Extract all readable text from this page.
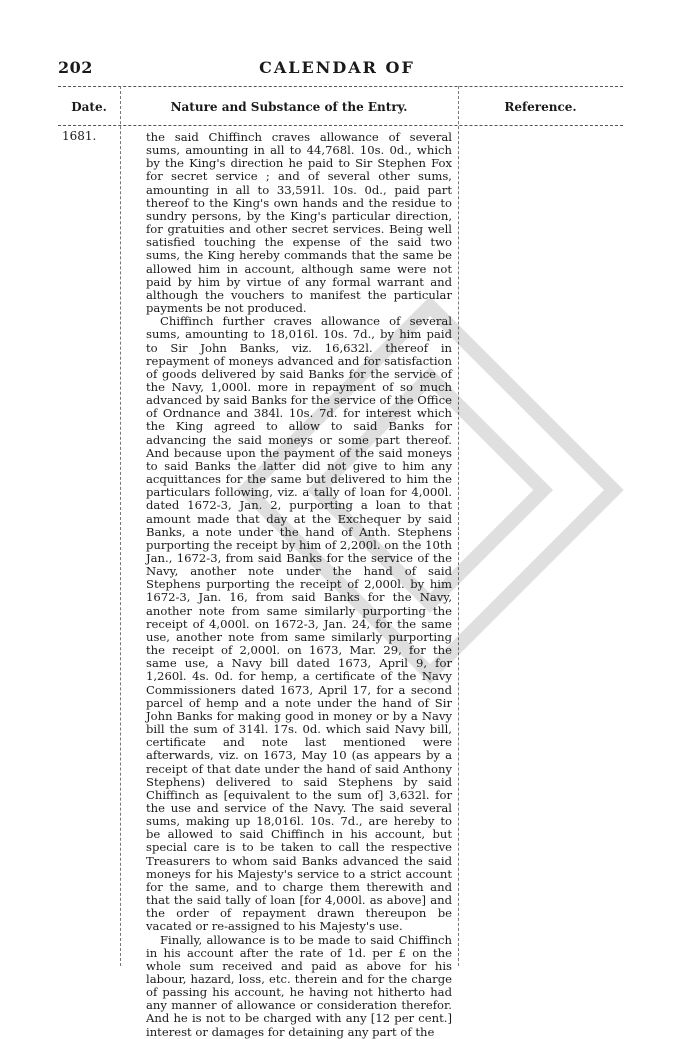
202	CALENDAR OF
Date.	Nature and Substance of the Entry.	Reference.
1681.	the said Chiffinch craves allowance of several sums, amounting in all to 44,768l. 10s. 0d., which by the King's direction he paid to Sir Stephen Fox for secret service ; and of several other sums, amounting in all to 33,591l. 10s. 0d., paid part thereof to the King's own hands and the residue to sundry persons, by the King's particular direction, for gratuities and other secret services. Being well satisfied touching the expense of the said two sums, the King hereby commands that the same be allowed him in account, although same were not paid by him by virtue of any formal warrant and although the vouchers to manifest the particular payments be not produced.

Chiffinch further craves allowance of several sums, amounting to 18,016l. 10s. 7d., by him paid to Sir John Banks, viz. 16,632l. thereof in repayment of moneys advanced and for satisfaction of goods delivered by said Banks for the service of the Navy, 1,000l. more in repayment of so much advanced by said Banks for the service of the Office of Ordnance and 384l. 10s. 7d. for interest which the King agreed to allow to said Banks for advancing the said moneys or some part thereof. And because upon the payment of the said moneys to said Banks the latter did not give to him any acquittances for the same but delivered to him the particulars following, viz. a tally of loan for 4,000l. dated 1672-3, Jan. 2, purporting a loan to that amount made that day at the Exchequer by said Banks, a note under the hand of Anth. Stephens purporting the receipt by him of 2,200l. on the 10th Jan., 1672-3, from said Banks for the service of the Navy, another note under the hand of said Stephens purporting the receipt of 2,000l. by him 1672-3, Jan. 16, from said Banks for the Navy, another note from same similarly purporting the receipt of 4,000l. on 1672-3, Jan. 24, for the same use, another note from same similarly purporting the receipt of 2,000l. on 1673, Mar. 29, for the same use, a Navy bill dated 1673, April 9, for 1,260l. 4s. 0d. for hemp, a certificate of the Navy Commissioners dated 1673, April 17, for a second parcel of hemp and a note under the hand of Sir John Banks for making good in money or by a Navy bill the sum of 314l. 17s. 0d. which said Navy bill, certificate and note last mentioned were afterwards, viz. on 1673, May 10 (as appears by a receipt of that date under the hand of said Anthony Stephens) delivered to said Stephens by said Chiffinch as [equivalent to the sum of] 3,632l. for the use and service of the Navy. The said several sums, making up 18,016l. 10s. 7d., are hereby to be allowed to said Chiffinch in his account, but special care is to be taken to call the respective Treasurers to whom said Banks advanced the said moneys for his Majesty's service to a strict account for the same, and to charge them therewith and that the said tally of loan [for 4,000l. as above] and the order of repayment drawn thereupon be vacated or re-assigned to his Majesty's use.

Finally, allowance is to be made to said Chiffinch in his account after the rate of 1d. per £ on the whole sum received and paid as above for his labour, hazard, loss, etc. therein and for the charge of passing his account, he having not hitherto had any manner of allowance or consideration therefor. And he is not to be charged with any [12 per cent.] interest or damages for detaining any part of the
